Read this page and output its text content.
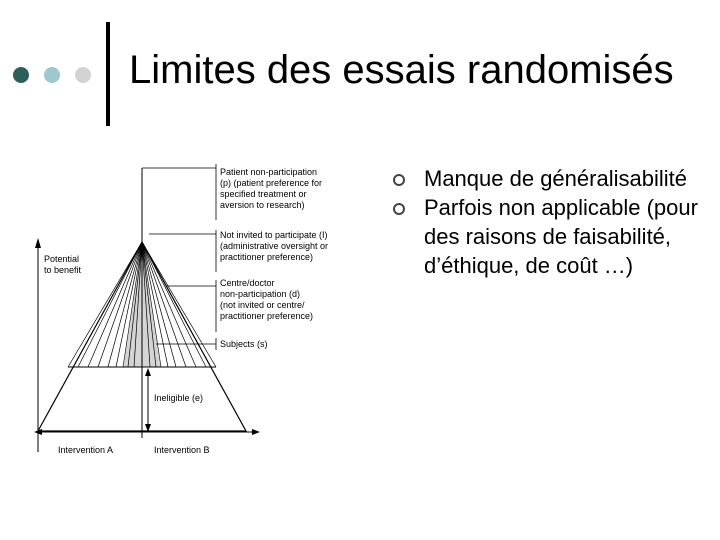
Limites des essais randomisés
Potential to benefit
Patient non-participation (p) (patient preference for specified treatment or aversion to research)
Not invited to participate (I) (administrative oversight or practitioner preference)
Centre/doctor non-participation (d) (not invited or centre/ practitioner preference)
Subjects (s)
Ineligible (e)
Intervention A	Intervention B
Manque de généralisabilité
Parfois non applicable (pour des raisons de faisabilité, d’éthique, de coût …)
